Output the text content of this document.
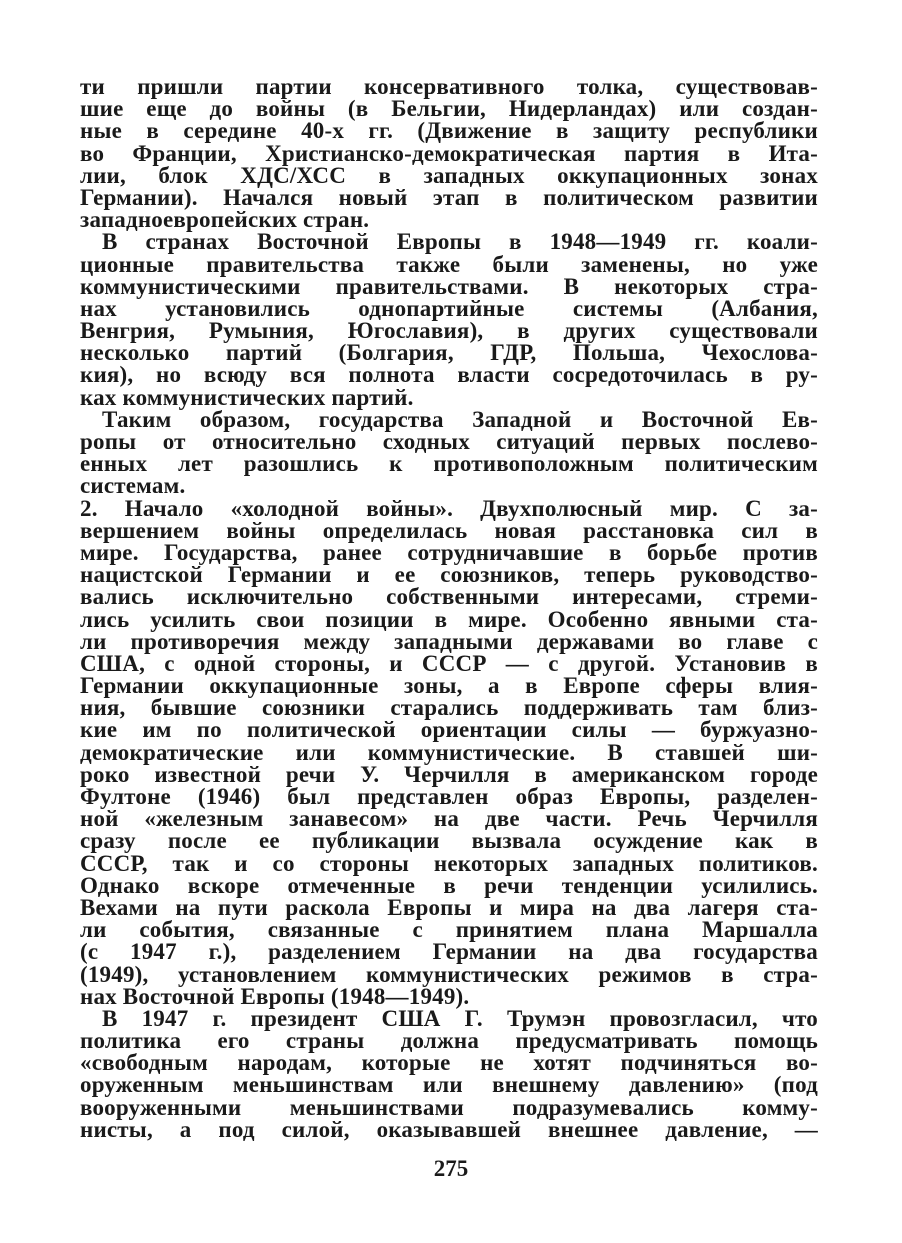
ти пришли партии консервативного толка, существовав-
шие еще до войны (в Бельгии, Нидерландах) или создан-
ные в середине 40-х гг. (Движение в защиту республики
во Франции, Христианско-демократическая партия в Ита-
лии, блок ХДС/ХСС в западных оккупационных зонах
Германии). Начался новый этап в политическом развитии
западноевропейских стран.
В странах Восточной Европы в 1948—1949 гг. коали-
ционные правительства также были заменены, но уже
коммунистическими правительствами. В некоторых стра-
нах установились однопартийные системы (Албания,
Венгрия, Румыния, Югославия), в других существовали
несколько партий (Болгария, ГДР, Польша, Чехослова-
кия), но всюду вся полнота власти сосредоточилась в ру-
ках коммунистических партий.
Таким образом, государства Западной и Восточной Ев-
ропы от относительно сходных ситуаций первых послево-
енных лет разошлись к противоположным политическим
системам.
2. Начало «холодной войны». Двухполюсный мир. С за-
вершением войны определилась новая расстановка сил в
мире. Государства, ранее сотрудничавшие в борьбе против
нацистской Германии и ее союзников, теперь руководство-
вались исключительно собственными интересами, стреми-
лись усилить свои позиции в мире. Особенно явными ста-
ли противоречия между западными державами во главе с
США, с одной стороны, и СССР — с другой. Установив в
Германии оккупационные зоны, а в Европе сферы влия-
ния, бывшие союзники старались поддерживать там близ-
кие им по политической ориентации силы — буржуазно-
демократические или коммунистические. В ставшей ши-
роко известной речи У. Черчилля в американском городе
Фултоне (1946) был представлен образ Европы, разделен-
ной «железным занавесом» на две части. Речь Черчилля
сразу после ее публикации вызвала осуждение как в
СССР, так и со стороны некоторых западных политиков.
Однако вскоре отмеченные в речи тенденции усилились.
Вехами на пути раскола Европы и мира на два лагеря ста-
ли события, связанные с принятием плана Маршалла
(с 1947 г.), разделением Германии на два государства
(1949), установлением коммунистических режимов в стра-
нах Восточной Европы (1948—1949).
В 1947 г. президент США Г. Трумэн провозгласил, что
политика его страны должна предусматривать помощь
«свободным народам, которые не хотят подчиняться во-
оруженным меньшинствам или внешнему давлению» (под
вооруженными меньшинствами подразумевались комму-
нисты, а под силой, оказывавшей внешнее давление, —
275
